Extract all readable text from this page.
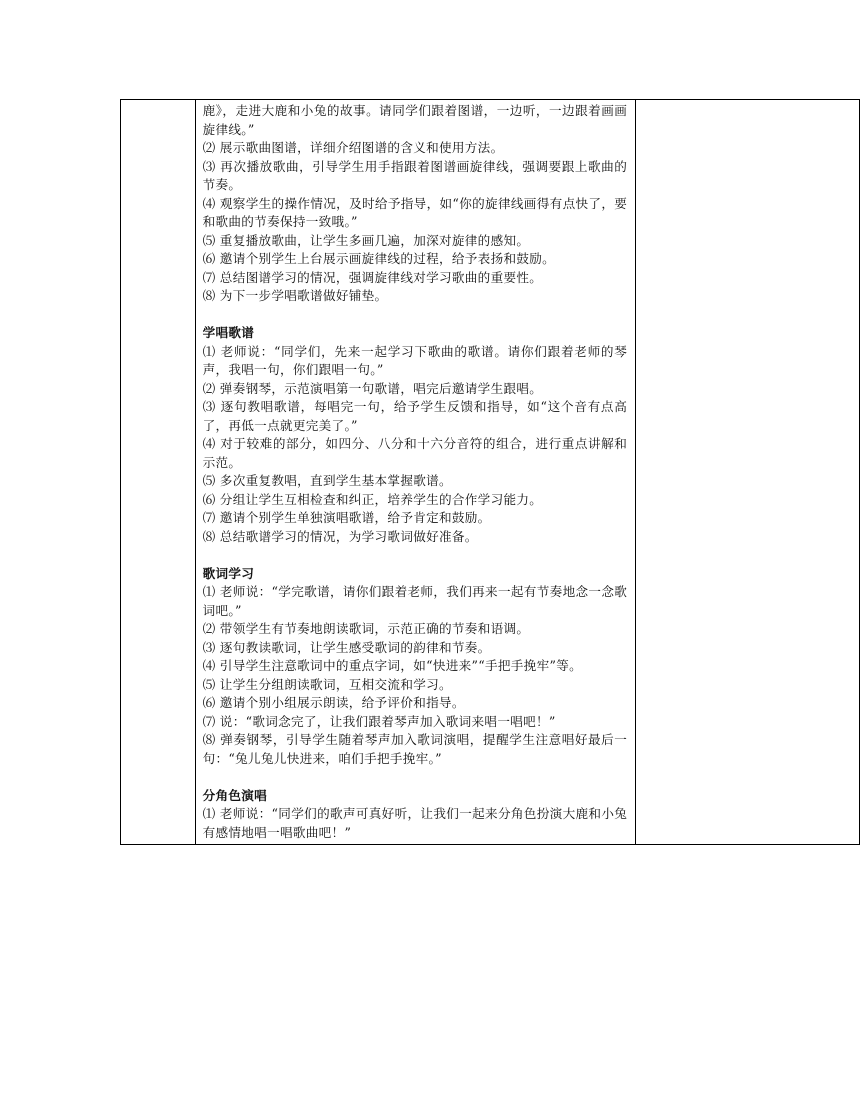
鹿》，走进大鹿和小兔的故事。请同学们跟着图谱，一边听，一边跟着画画旋律线。”

⑵ 展示歌曲图谱，详细介绍图谱的含义和使用方法。

⑶ 再次播放歌曲，引导学生用手指跟着图谱画旋律线，强调要跟上歌曲的节奏。

⑷ 观察学生的操作情况，及时给予指导，如“你的旋律线画得有点快了，要和歌曲的节奏保持一致哦。”

⑸ 重复播放歌曲，让学生多画几遍，加深对旋律的感知。

⑹ 邀请个别学生上台展示画旋律线的过程，给予表扬和鼓励。

⑺ 总结图谱学习的情况，强调旋律线对学习歌曲的重要性。

⑻ 为下一步学唱歌谱做好铺垫。

学唱歌谱

⑴ 老师说：“同学们，先来一起学习下歌曲的歌谱。请你们跟着老师的琴声，我唱一句，你们跟唱一句。”

⑵ 弹奏钢琴，示范演唱第一句歌谱，唱完后邀请学生跟唱。

⑶ 逐句教唱歌谱，每唱完一句，给予学生反馈和指导，如“这个音有点高了，再低一点就更完美了。”

⑷ 对于较难的部分，如四分、八分和十六分音符的组合，进行重点讲解和示范。

⑸ 多次重复教唱，直到学生基本掌握歌谱。

⑹ 分组让学生互相检查和纠正，培养学生的合作学习能力。

⑺ 邀请个别学生单独演唱歌谱，给予肯定和鼓励。

⑻ 总结歌谱学习的情况，为学习歌词做好准备。

歌词学习

⑴ 老师说：“学完歌谱，请你们跟着老师，我们再来一起有节奏地念一念歌词吧。”

⑵ 带领学生有节奏地朗读歌词，示范正确的节奏和语调。

⑶ 逐句教读歌词，让学生感受歌词的韵律和节奏。

⑷ 引导学生注意歌词中的重点字词，如“快进来”“手把手挽牢”等。

⑸ 让学生分组朗读歌词，互相交流和学习。

⑹ 邀请个别小组展示朗读，给予评价和指导。

⑺ 说：“歌词念完了，让我们跟着琴声加入歌词来唱一唱吧！”

⑻ 弹奏钢琴，引导学生随着琴声加入歌词演唱，提醒学生注意唱好最后一句：“兔儿兔儿快进来，咱们手把手挽牢。”

分角色演唱

⑴ 老师说：“同学们的歌声可真好听，让我们一起来分角色扮演大鹿和小兔有感情地唱一唱歌曲吧！”
